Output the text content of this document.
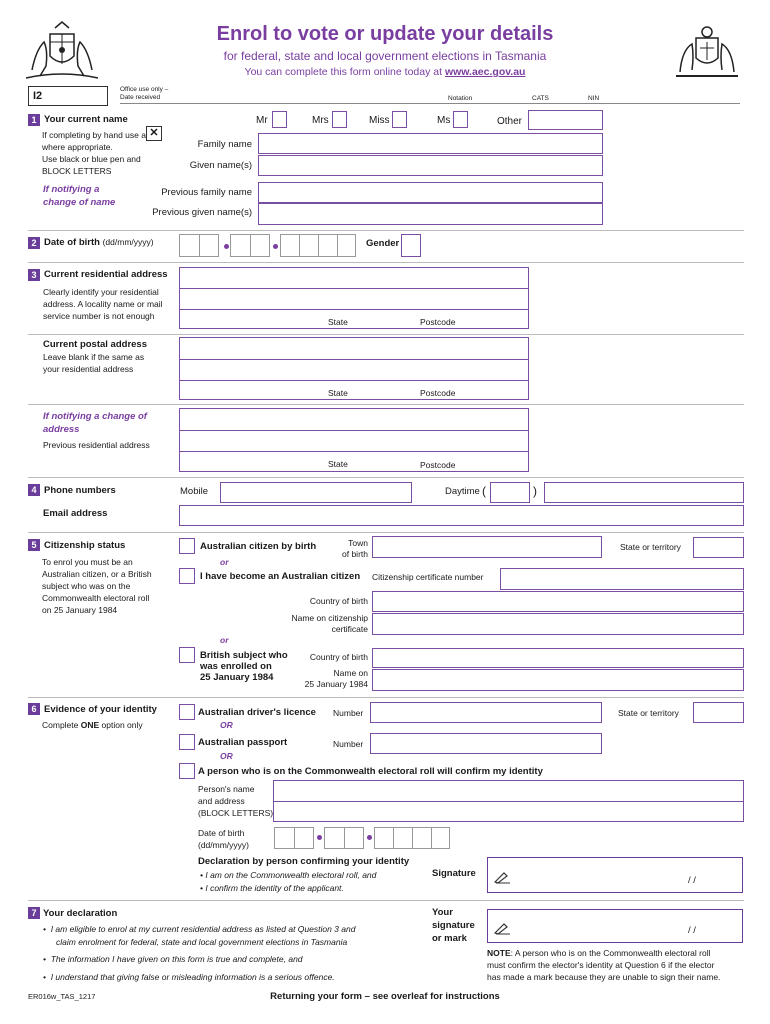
Enrol to vote or update your details
for federal, state and local government elections in Tasmania
You can complete this form online today at www.aec.gov.au
I2
Office use only –
Date received	Notation	CATS	NIN
1 Your current name
If completing by hand use a
where appropriate.
Use black or blue pen and
BLOCK LETTERS
✕
Mr	Mrs	Miss	Ms	Other
Family name
Given name(s)
If notifying a
change of name
Previous family name
Previous given name(s)
2 Date of birth (dd/mm/yyyy)	Gender
3 Current residential address
Clearly identify your residential
address. A locality name or mail
service number is not enough
State	Postcode
Current postal address
Leave blank if the same as
your residential address
State	Postcode
If notifying a change of
address
Previous residential address
State	Postcode
4 Phone numbers	Mobile	Daytime (	)
Email address
5 Citizenship status
To enrol you must be an
Australian citizen, or a British
subject who was on the
Commonwealth electoral roll
on 25 January 1984
Australian citizen by birth	Town
of birth
State or territory
or
I have become an Australian citizen Citizenship certificate number
Country of birth
Name on citizenship
certificate
or
British subject who
was enrolled on
25 January 1984
Country of birth
Name on
25 January 1984
6 Evidence of your identity
Complete ONE option only
Australian driver's licence Number	State or territory
OR
Australian passport	Number
OR
A person who is on the Commonwealth electoral roll will confirm my identity
Person's name
and address
(BLOCK LETTERS)
Date of birth
(dd/mm/yyyy)
Declaration by person confirming your identity
• I am on the Commonwealth electoral roll, and
• I confirm the identity of the applicant.
Signature
/ /
7 Your declaration
•  I am eligible to enrol at my current residential address as listed at Question 3 and
claim enrolment for federal, state and local government elections in Tasmania
•  The information I have given on this form is true and complete, and
•  I understand that giving false or misleading information is a serious offence.
Your
signature
or mark
/ /
NOTE: A person who is on the Commonwealth electoral roll
must confirm the elector's identity at Question 6 if the elector
has made a mark because they are unable to sign their name.
ER016w_TAS_1217	Returning your form – see overleaf for instructions
